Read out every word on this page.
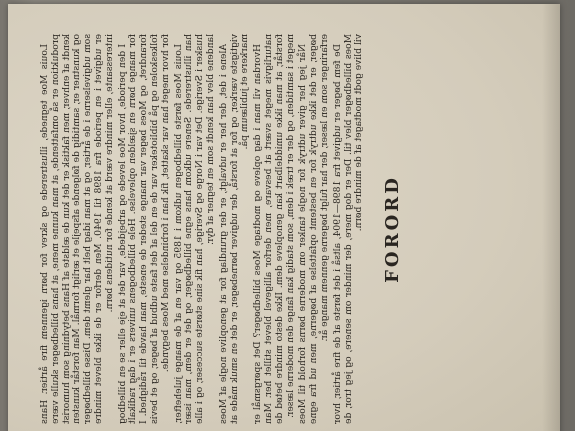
FORORD

Louis Moe tegnede, illustrerede og skrev for børn igennem fire årtier. Hans produktion er så omfattende, at man kunne mene, at hans billedbøger skulle være kendt af enhver, men faktisk er det kun de ældste af Hans betydning som humorist og kunstner er, samtidig de følgende afspejle et ærligt formål. Man forstår kunsten som udgivelserne i de årtier, og at man idag helt har glemt dem. Disse billedbøger er udgivet i en periode fra 1898 til 1940. Men derfor er de ikke blevet mindre interessante, eller mindre værd at kende for nutidens børn. I den periode, hvor Moe levede og arbejdede, var det at eje eller se en billedbog for mange børn en sjælden oplevelse. Hele billedbogens univers er i dag radikalt forandret, og Moes bøger var mange steder de eneste, man havde til rådighed. I folkeskolen og på biblioteker var de en del af det faste udbud af bøger, og et bevis for hvor meget han var skattet, fik han i forbindelse med Moes begynde. Louis Moes første billedbogen udkom i 1895 og var en af de mange julehefter, han illustrerede. Senere udkom hans egne billedbøger, og det er dem, man især husker i Sverige. Det var i Norge og Sverige, han fik sine største succeser, og i alle landene blev han kendt som en tegner af dyr. Alene i det, der her er udvalgt, er der grundlag for at genoplive nogle af Moes vigtigste værker, og for at forstå, der udgiver børnebøger, er det en smuk måde at markere et jubilæum på. Hvordan vil man i dag opleve og modtage Moes billedbøger? Det spørgsmål er naturligvis meget svært at besvare, men derfor alligevel blevet stillet her. Man forstår, at man ikke umiddelbart kan genopleve dem. Ikke desto mindre betød de meget i samtiden, og der er træk i dem, som stadig kan fange den moderne læser. Når jeg her giver udtryk for nogle tanker om moderne børns forhold til Moes bøger, er det ikke udtryk for en bestemt opfattelse af bøgerne, men ud fra egne erfaringer som en læser, der har fulgt bøgerne gennem mange år. De fem bøger er udgivet fra 1898—1904, altså i det første af de fire årtier, hvor Moes billedbøger blev til. Der er dog mere, der minder om senere, og jeg tror, de vil blive godt modtaget af de mindre børn.
